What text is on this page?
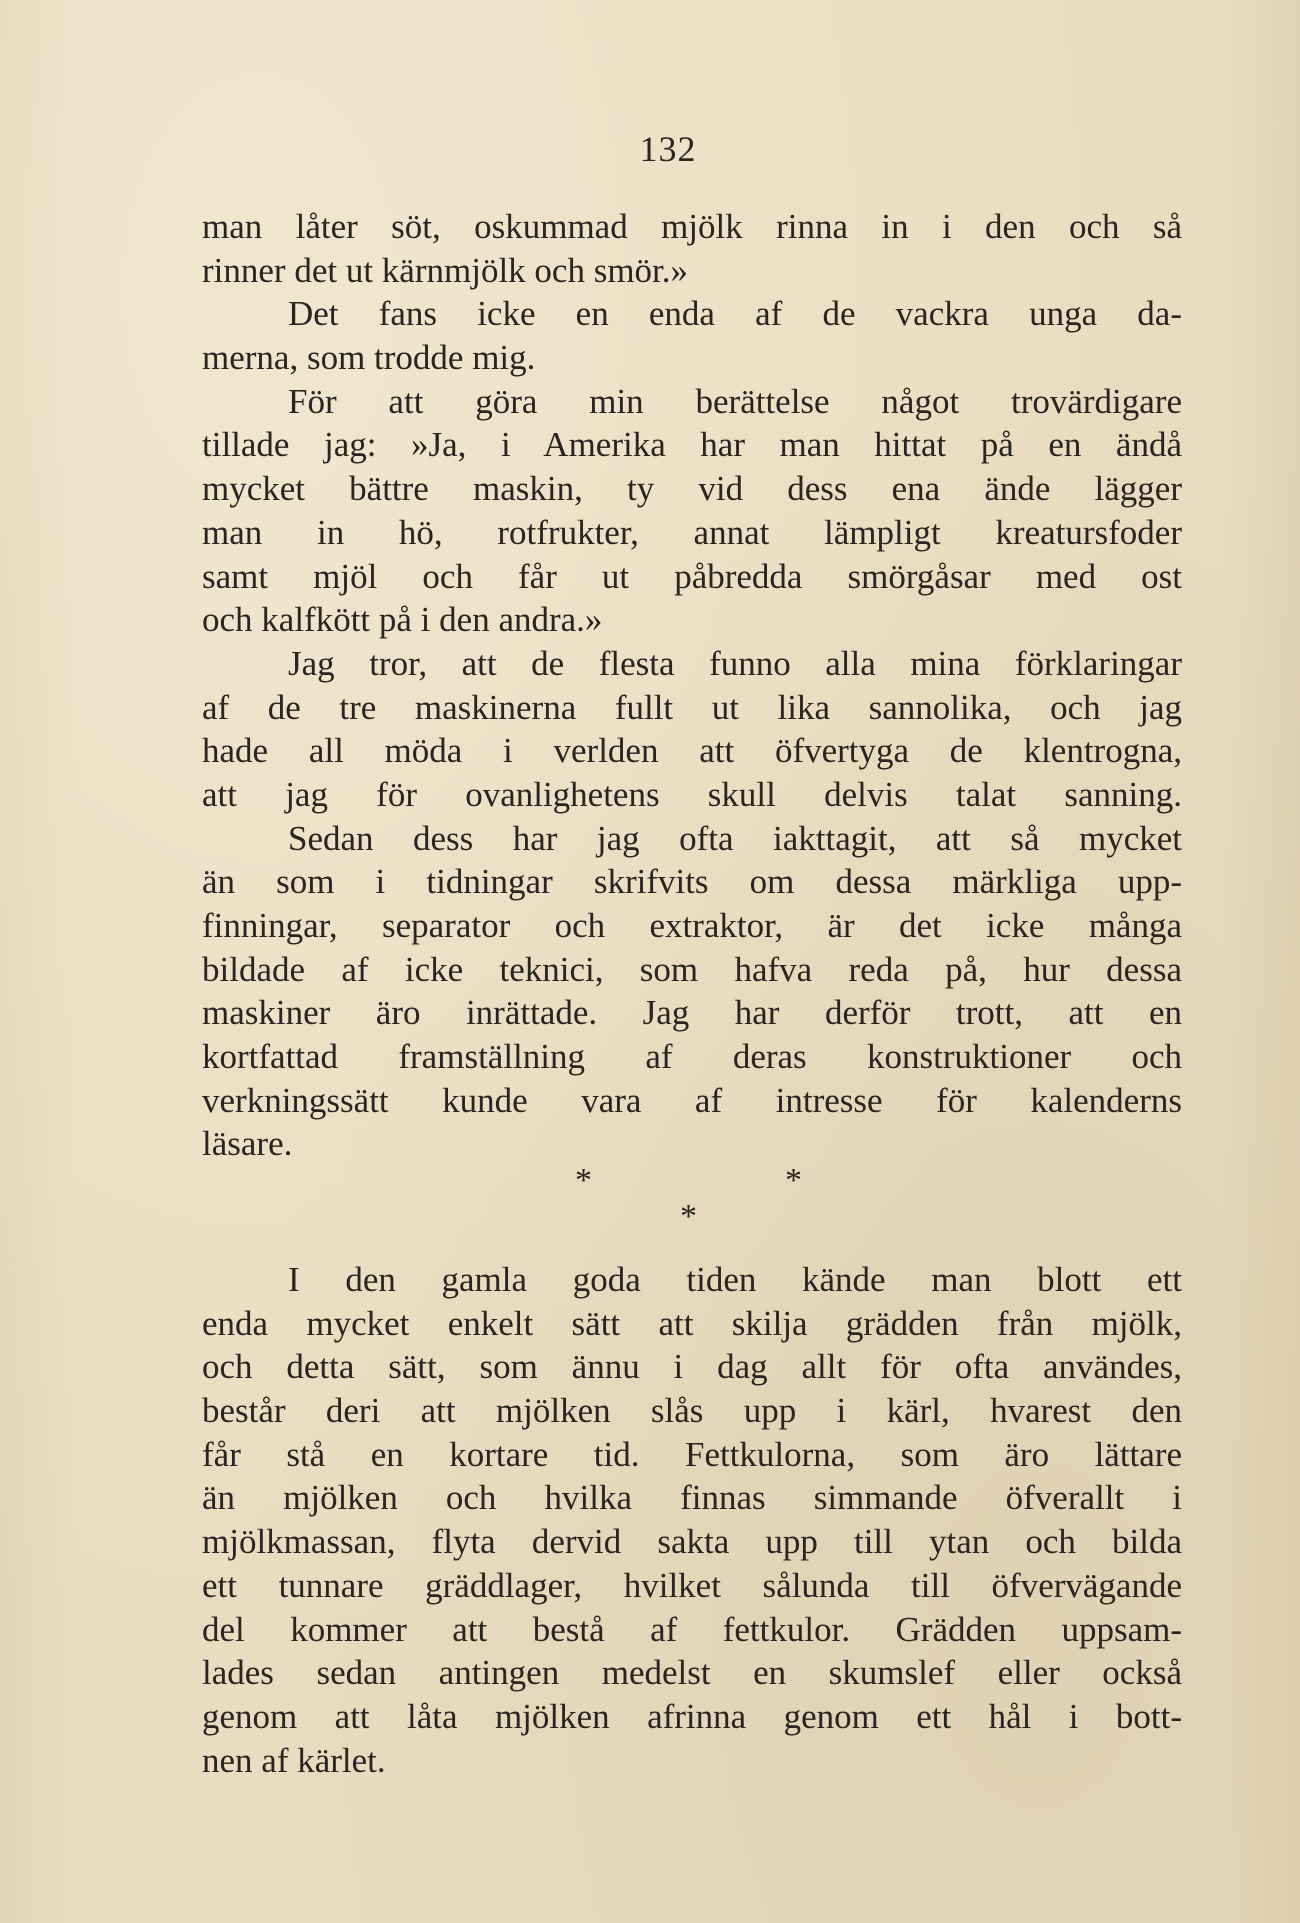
132
man låter söt, oskummad mjölk rinna in i den och så
rinner det ut kärnmjölk och smör.»
Det fans icke en enda af de vackra unga da-
merna, som trodde mig.
För att göra min berättelse något trovärdigare
tillade jag: »Ja, i Amerika har man hittat på en ändå
mycket bättre maskin, ty vid dess ena ände lägger
man in hö, rotfrukter, annat lämpligt kreatursfoder
samt mjöl och får ut påbredda smörgåsar med ost
och kalfkött på i den andra.»
Jag tror, att de flesta funno alla mina förklaringar
af de tre maskinerna fullt ut lika sannolika, och jag
hade all möda i verlden att öfvertyga de klentrogna,
att jag för ovanlighetens skull delvis talat sanning.
Sedan dess har jag ofta iakttagit, att så mycket
än som i tidningar skrifvits om dessa märkliga upp-
finningar, separator och extraktor, är det icke många
bildade af icke teknici, som hafva reda på, hur dessa
maskiner äro inrättade. Jag har derför trott, att en
kortfattad framställning af deras konstruktioner och
verkningssätt kunde vara af intresse för kalenderns
läsare.
*	*
*
I den gamla goda tiden kände man blott ett
enda mycket enkelt sätt att skilja grädden från mjölk,
och detta sätt, som ännu i dag allt för ofta användes,
består deri att mjölken slås upp i kärl, hvarest den
får stå en kortare tid. Fettkulorna, som äro lättare
än mjölken och hvilka finnas simmande öfverallt i
mjölkmassan, flyta dervid sakta upp till ytan och bilda
ett tunnare gräddlager, hvilket sålunda till öfvervägande
del kommer att bestå af fettkulor. Grädden uppsam-
lades sedan antingen medelst en skumslef eller också
genom att låta mjölken afrinna genom ett hål i bott-
nen af kärlet.
